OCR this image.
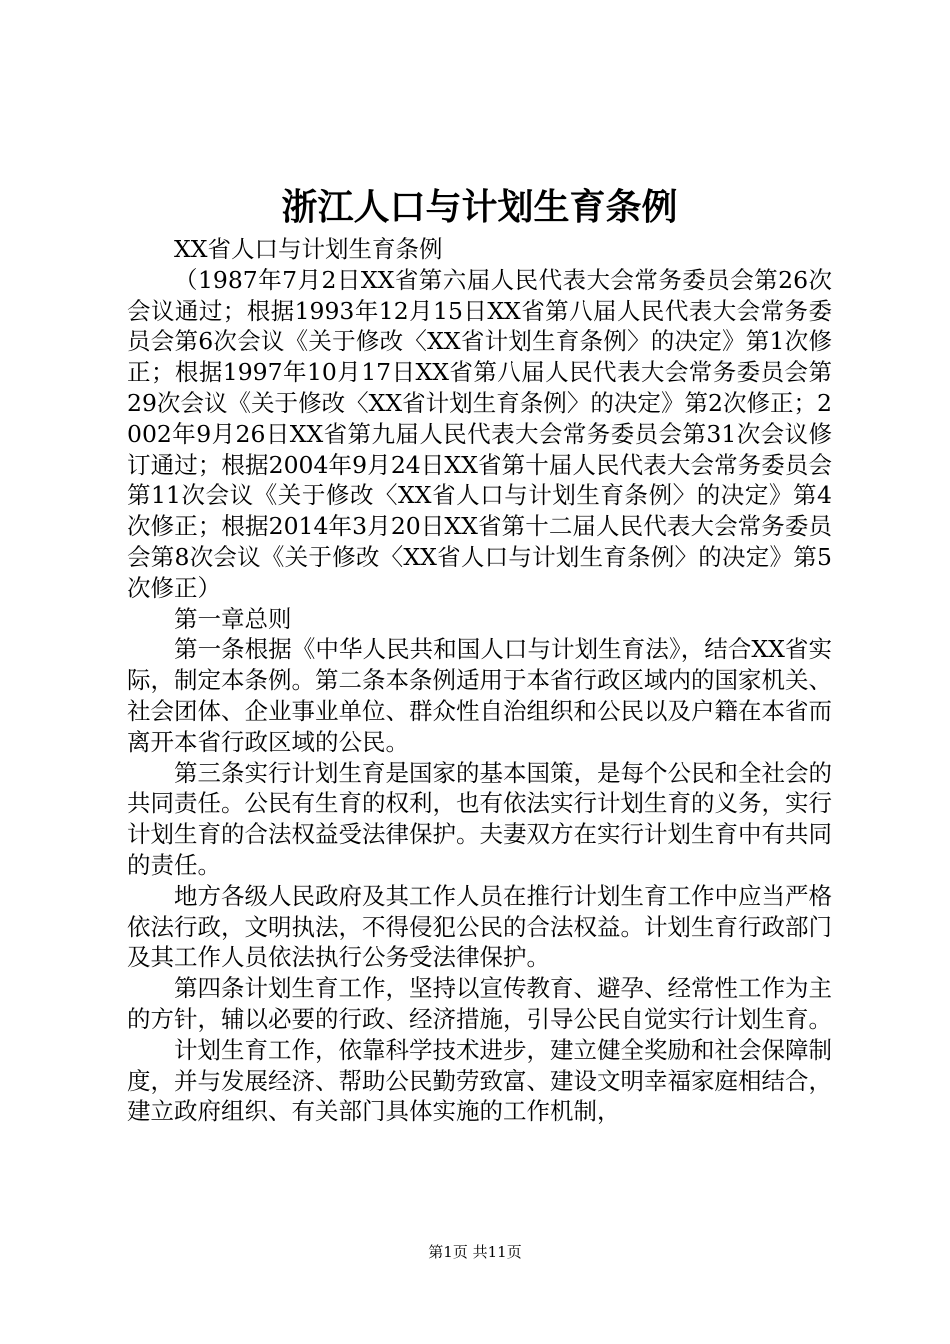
浙江人口与计划生育条例

XX省人口与计划生育条例

（1987年7月2日XX省第六届人民代表大会常务委员会第26次会议通过；根据1993年12月15日XX省第八届人民代表大会常务委员会第6次会议《关于修改〈XX省计划生育条例〉的决定》第1次修正；根据1997年10月17日XX省第八届人民代表大会常务委员会第29次会议《关于修改〈XX省计划生育条例〉的决定》第2次修正；2002年9月26日XX省第九届人民代表大会常务委员会第31次会议修订通过；根据2004年9月24日XX省第十届人民代表大会常务委员会第11次会议《关于修改〈XX省人口与计划生育条例〉的决定》第4次修正；根据2014年3月20日XX省第十二届人民代表大会常务委员会第8次会议《关于修改〈XX省人口与计划生育条例〉的决定》第5次修正）

第一章总则

第一条根据《中华人民共和国人口与计划生育法》，结合XX省实际，制定本条例。第二条本条例适用于本省行政区域内的国家机关、社会团体、企业事业单位、群众性自治组织和公民以及户籍在本省而离开本省行政区域的公民。

第三条实行计划生育是国家的基本国策，是每个公民和全社会的共同责任。公民有生育的权利，也有依法实行计划生育的义务，实行计划生育的合法权益受法律保护。夫妻双方在实行计划生育中有共同的责任。

地方各级人民政府及其工作人员在推行计划生育工作中应当严格依法行政，文明执法，不得侵犯公民的合法权益。计划生育行政部门及其工作人员依法执行公务受法律保护。

第四条计划生育工作，坚持以宣传教育、避孕、经常性工作为主的方针，辅以必要的行政、经济措施，引导公民自觉实行计划生育。

计划生育工作，依靠科学技术进步，建立健全奖励和社会保障制度，并与发展经济、帮助公民勤劳致富、建设文明幸福家庭相结合，建立政府组织、有关部门具体实施的工作机制，

第1页 共11页
